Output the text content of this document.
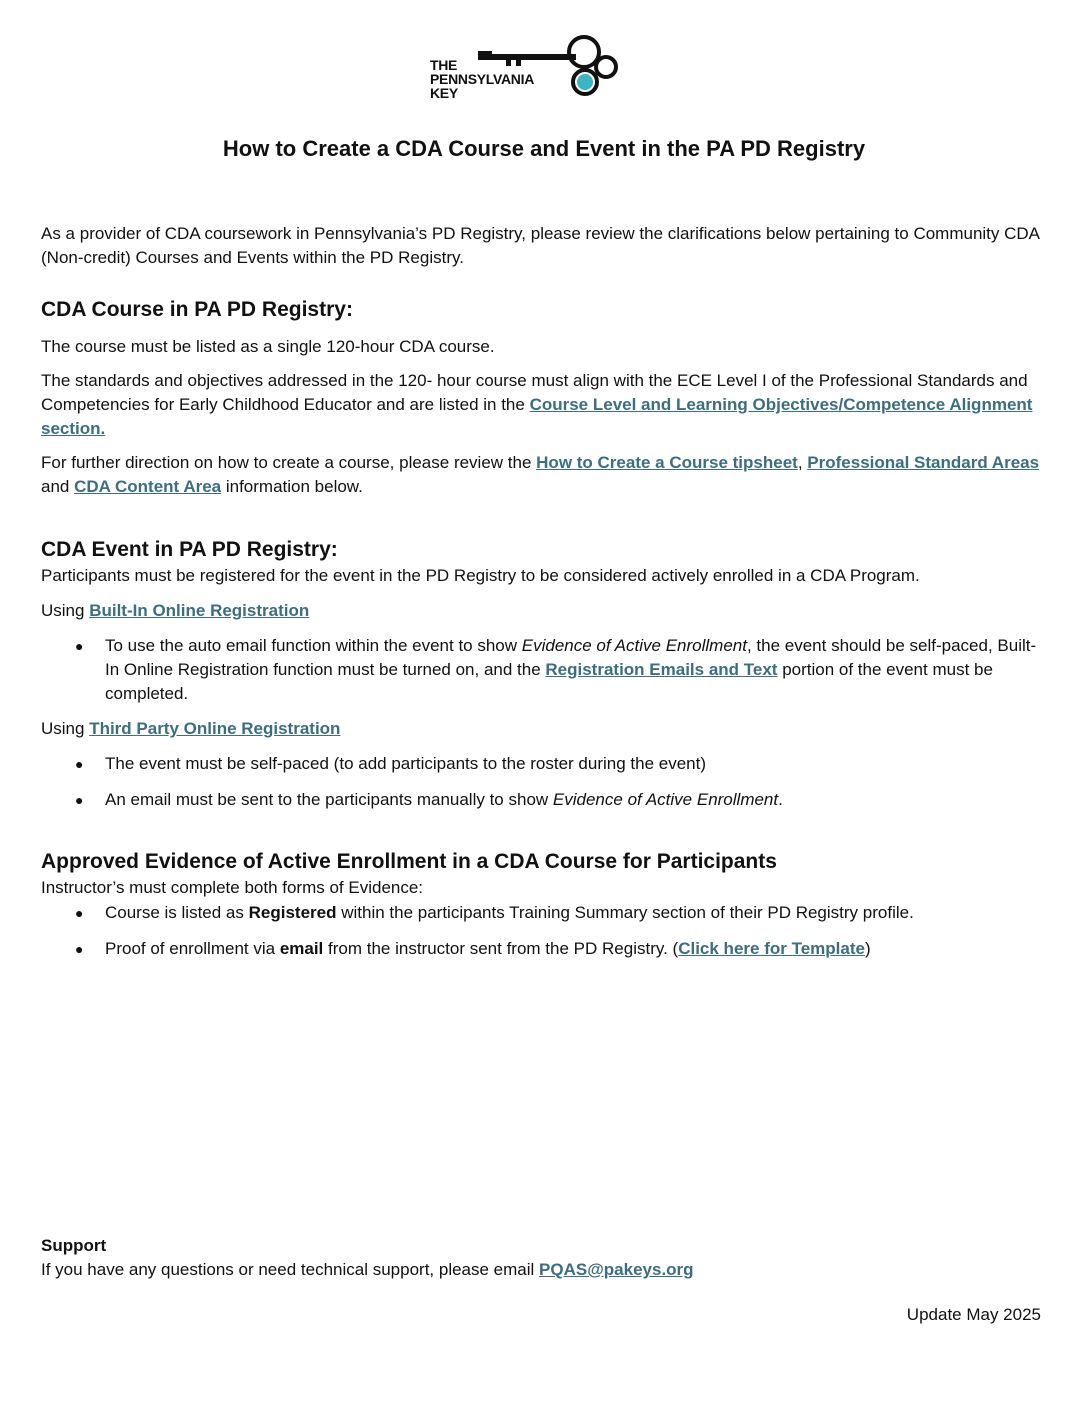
THE
PENNSYLVANIA
KEY
How to Create a CDA Course and Event in the PA PD Registry

As a provider of CDA coursework in Pennsylvania’s PD Registry, please review the clarifications below pertaining to Community CDA (Non-credit) Courses and Events within the PD Registry.

CDA Course in PA PD Registry:

The course must be listed as a single 120-hour CDA course.

The standards and objectives addressed in the 120- hour course must align with the ECE Level I of the Professional Standards and Competencies for Early Childhood Educator and are listed in the Course Level and Learning Objectives/Competence Alignment section.

For further direction on how to create a course, please review the How to Create a Course tipsheet, Professional Standard Areas and CDA Content Area information below.

CDA Event in PA PD Registry:

Participants must be registered for the event in the PD Registry to be considered actively enrolled in a CDA Program.

Using Built-In Online Registration

● To use the auto email function within the event to show Evidence of Active Enrollment, the event should be self-paced, Built-In Online Registration function must be turned on, and the Registration Emails and Text portion of the event must be completed.

Using Third Party Online Registration

● The event must be self-paced (to add participants to the roster during the event)
● An email must be sent to the participants manually to show Evidence of Active Enrollment.
Approved Evidence of Active Enrollment in a CDA Course for Participants

Instructor’s must complete both forms of Evidence:

● Course is listed as Registered within the participants Training Summary section of their PD Registry profile.
● Proof of enrollment via email from the instructor sent from the PD Registry. (Click here for Template)

Support

If you have any questions or need technical support, please email PQAS@pakeys.org

Update May 2025
